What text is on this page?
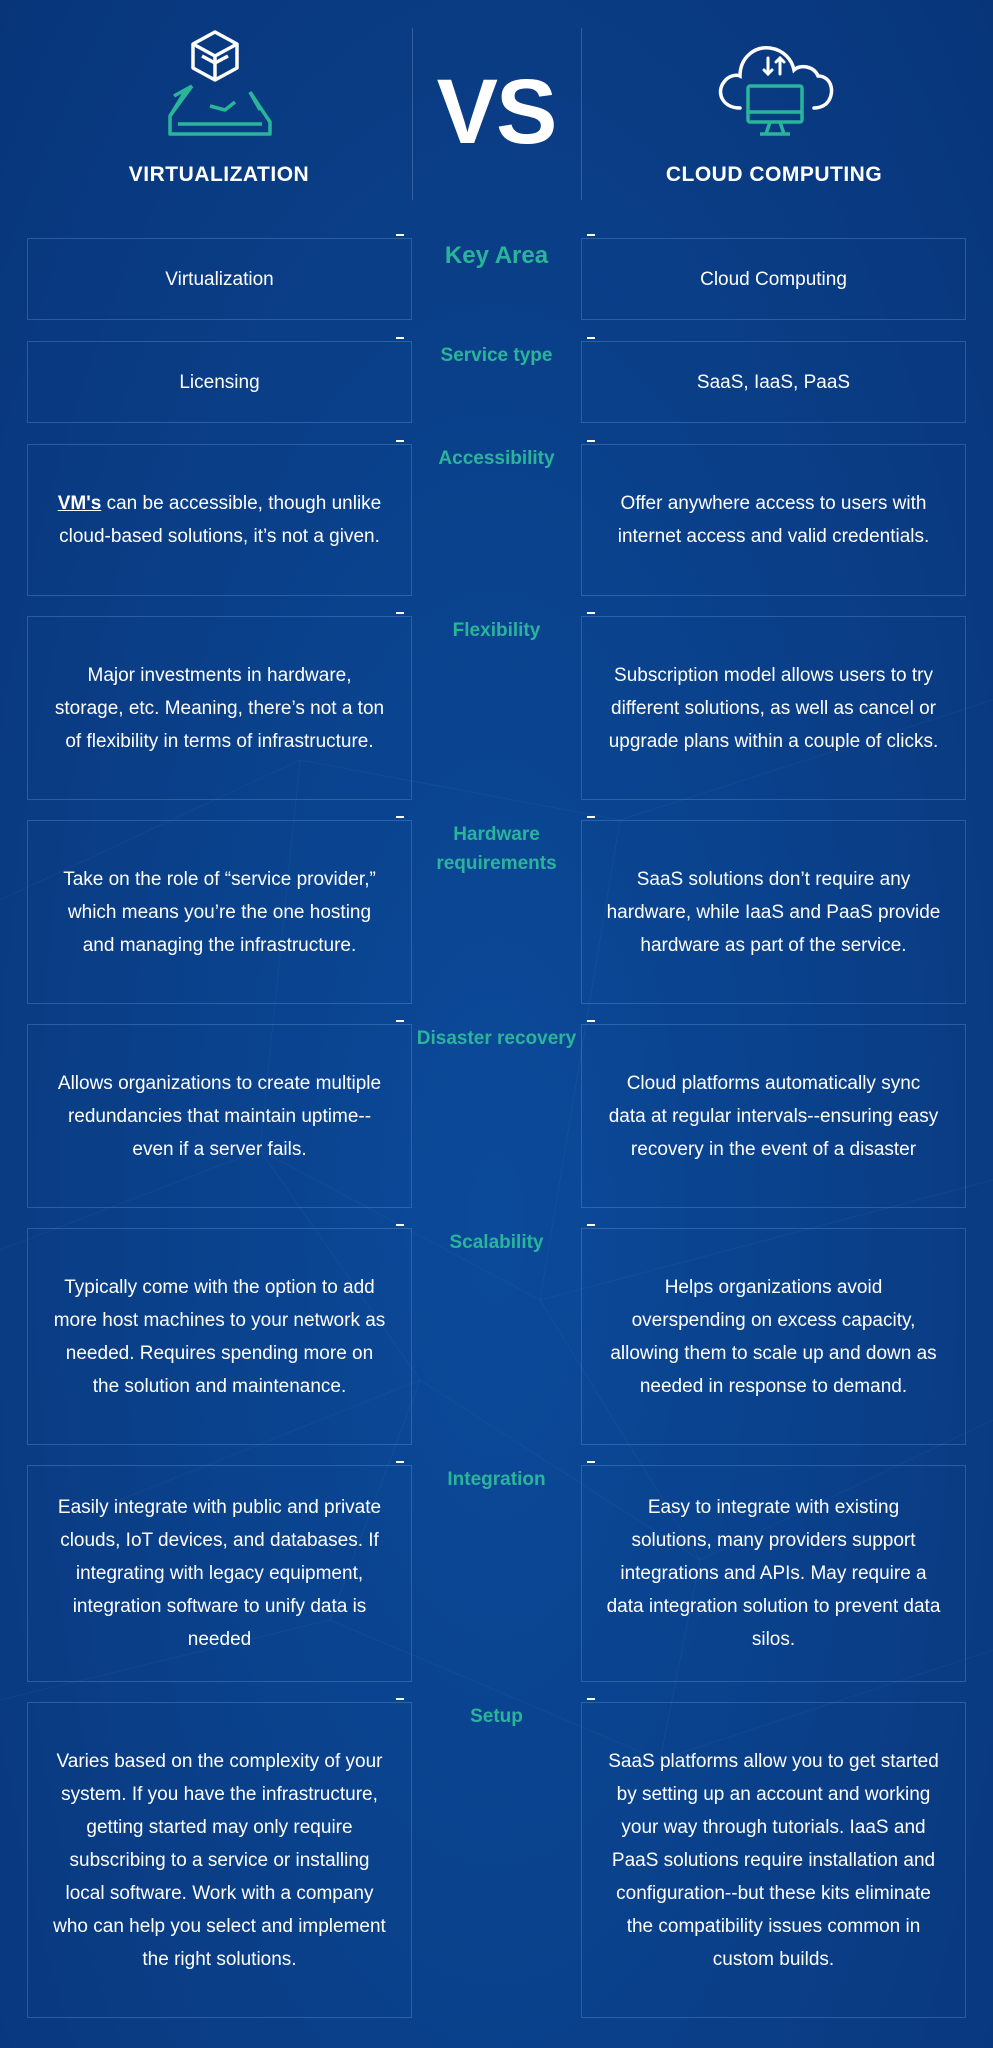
VS
VIRTUALIZATION	CLOUD COMPUTING
Virtualization
Key Area
Cloud Computing
Licensing
Service type
SaaS, IaaS, PaaS
VM's can be accessible, though unlike cloud-based solutions, it’s not a given.
Accessibility
Offer anywhere access to users with internet access and valid credentials.
Major investments in hardware, storage, etc. Meaning, there’s not a ton of flexibility in terms of infrastructure.
Flexibility
Subscription model allows users to try different solutions, as well as cancel or upgrade plans within a couple of clicks.
Take on the role of “service provider,” which means you’re the one hosting and managing the infrastructure.
Hardware requirements
SaaS solutions don’t require any hardware, while IaaS and PaaS provide hardware as part of the service.
Allows organizations to create multiple redundancies that maintain uptime--even if a server fails.
Disaster recovery
Cloud platforms automatically sync data at regular intervals--ensuring easy recovery in the event of a disaster
Typically come with the option to add more host machines to your network as needed. Requires spending more on the solution and maintenance.
Scalability
Helps organizations avoid overspending on excess capacity, allowing them to scale up and down as needed in response to demand.
Easily integrate with public and private clouds, IoT devices, and databases. If integrating with legacy equipment, integration software to unify data is needed
Integration
Easy to integrate with existing solutions, many providers support integrations and APIs. May require a data integration solution to prevent data silos.
Varies based on the complexity of your system. If you have the infrastructure, getting started may only require subscribing to a service or installing local software. Work with a company who can help you select and implement the right solutions.
Setup
SaaS platforms allow you to get started by setting up an account and working your way through tutorials. IaaS and PaaS solutions require installation and configuration--but these kits eliminate the compatibility issues common in custom builds.
